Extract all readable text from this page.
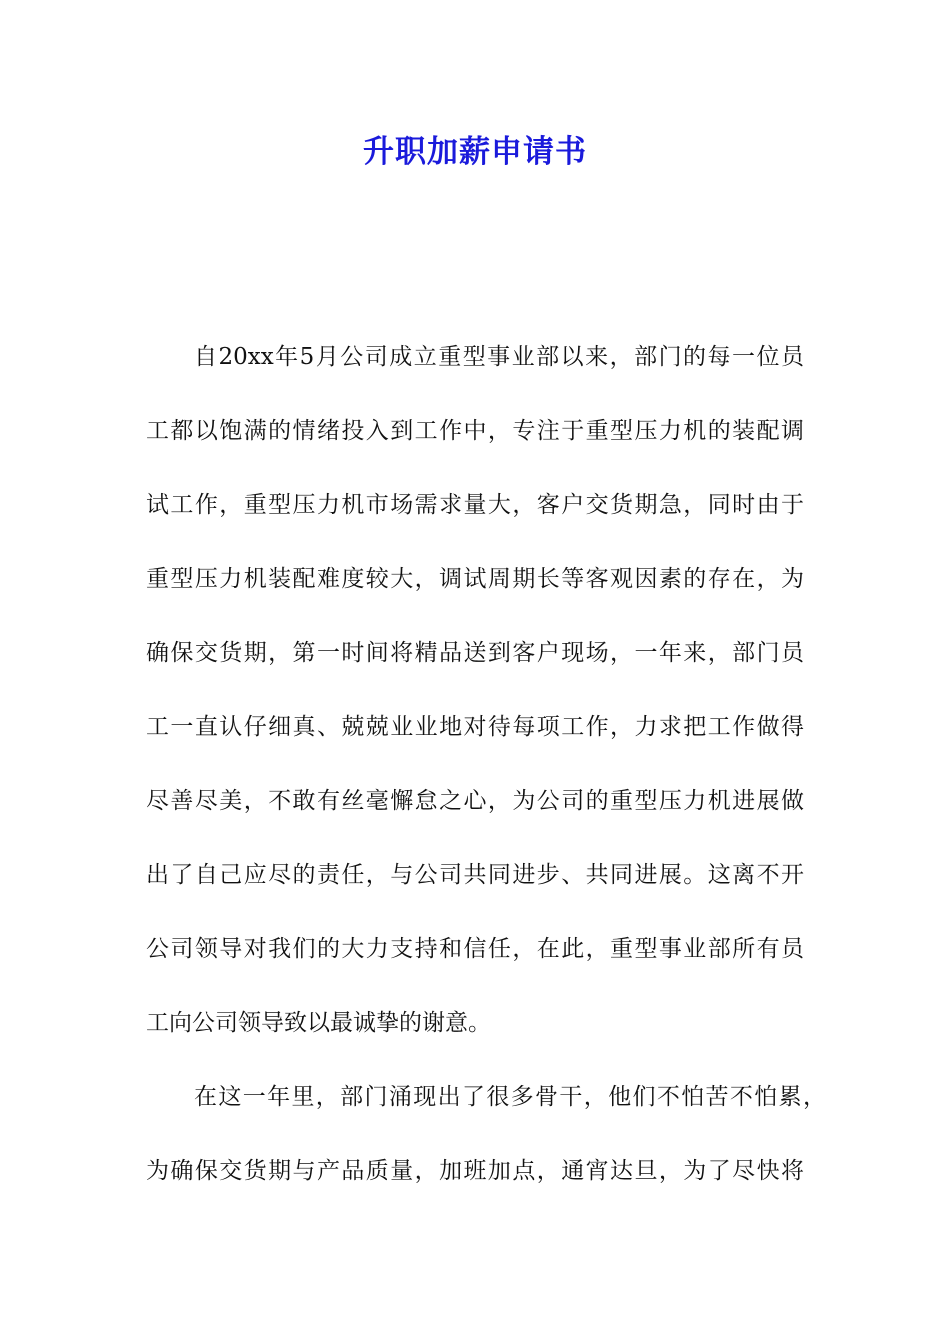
升职加薪申请书
自20xx年5月公司成立重型事业部以来，部门的每一位员
工都以饱满的情绪投入到工作中，专注于重型压力机的装配调
试工作，重型压力机市场需求量大，客户交货期急，同时由于
重型压力机装配难度较大，调试周期长等客观因素的存在，为
确保交货期，第一时间将精品送到客户现场，一年来，部门员
工一直认仔细真、兢兢业业地对待每项工作，力求把工作做得
尽善尽美，不敢有丝毫懈怠之心，为公司的重型压力机进展做
出了自己应尽的责任，与公司共同进步、共同进展。这离不开
公司领导对我们的大力支持和信任，在此，重型事业部所有员
工向公司领导致以最诚挚的谢意。
在这一年里，部门涌现出了很多骨干，他们不怕苦不怕累，
为确保交货期与产品质量，加班加点，通宵达旦，为了尽快将
